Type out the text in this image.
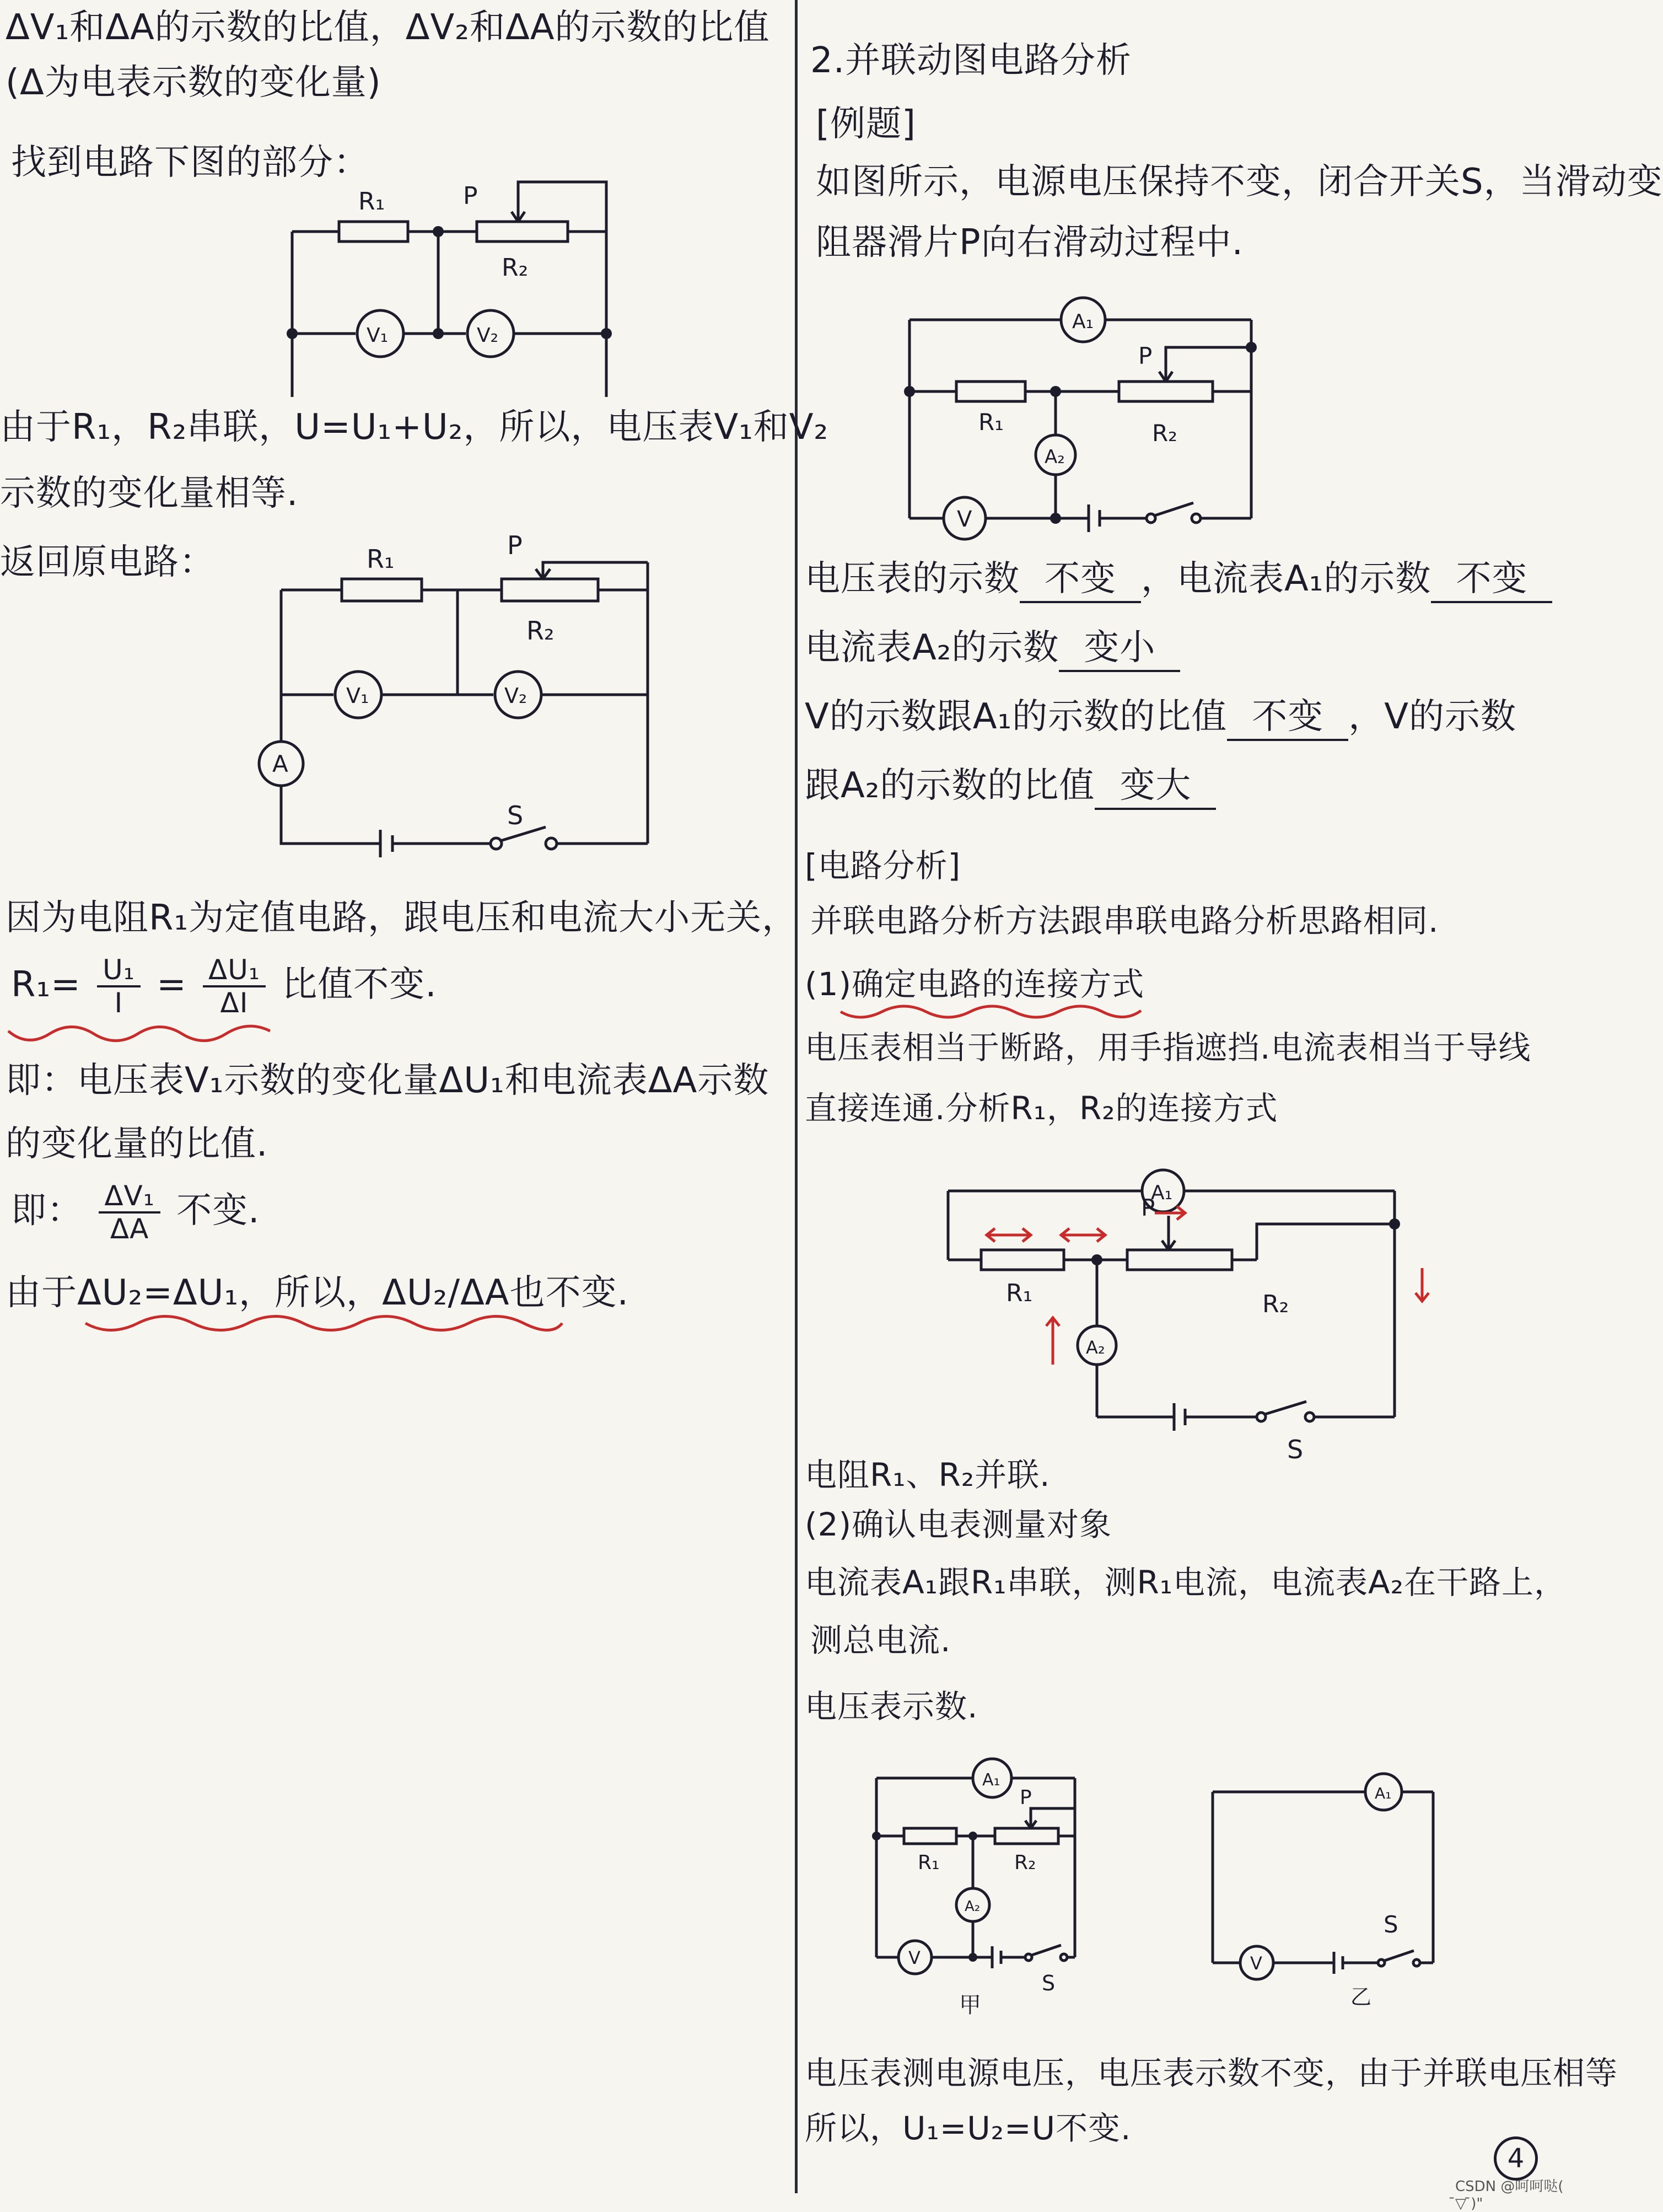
ΔV₁和ΔA的示数的比值，ΔV₂和ΔA的示数的比值
(Δ为电表示数的变化量)
找到电路下图的部分：
R₁	P
R₂
V₁	V₂
由于R₁，R₂串联，U=U₁+U₂，所以，电压表V₁和V₂
示数的变化量相等.
返回原电路：	R₁	P
R₂
V₁	V₂
A
S
因为电阻R₁为定值电路，跟电压和电流大小无关，
$R_1= \frac{\text{U₁}}{I} = \frac{\text{ΔU₁}}{\Delta I}$ 比值不变.
即：电压表V₁示数的变化量ΔU₁和电流表ΔA示数
的变化量的比值.
即： $\frac{\text{ΔV₁}}{\Delta A}$ 不变.
由于ΔU₂=ΔU₁，所以，ΔU₂/ΔA也不变.
2.并联动图电路分析
[例题]
如图所示，电源电压保持不变，闭合开关S，当滑动变
阻器滑片P向右滑动过程中.
A₁
R₁
P
R₂
A₂
V
电压表的示数 不变 ，电流表A₁的示数 不变
电流表A₂的示数 变小
V的示数跟A₁的示数的比值 不变 ，V的示数
跟A₂的示数的比值 变大
[电路分析]
并联电路分析方法跟串联电路分析思路相同.
(1)确定电路的连接方式
电压表相当于断路，用手指遮挡.电流表相当于导线
直接连通.分析R₁，R₂的连接方式
A₁
R₁
P
R₂
A₂
S
电阻R₁、R₂并联.
(2)确认电表测量对象
电流表A₁跟R₁串联，测R₁电流，电流表A₂在干路上，
测总电流.
电压表示数.
A₁
P
R₁	R₂
A₂
V
S
甲
A₁
V
S
乙
电压表测电源电压，电压表示数不变，由于并联电压相等
所以，U₁=U₂=U不变.
4
CSDN @呵呵哒( ̄▽ ̄)"
